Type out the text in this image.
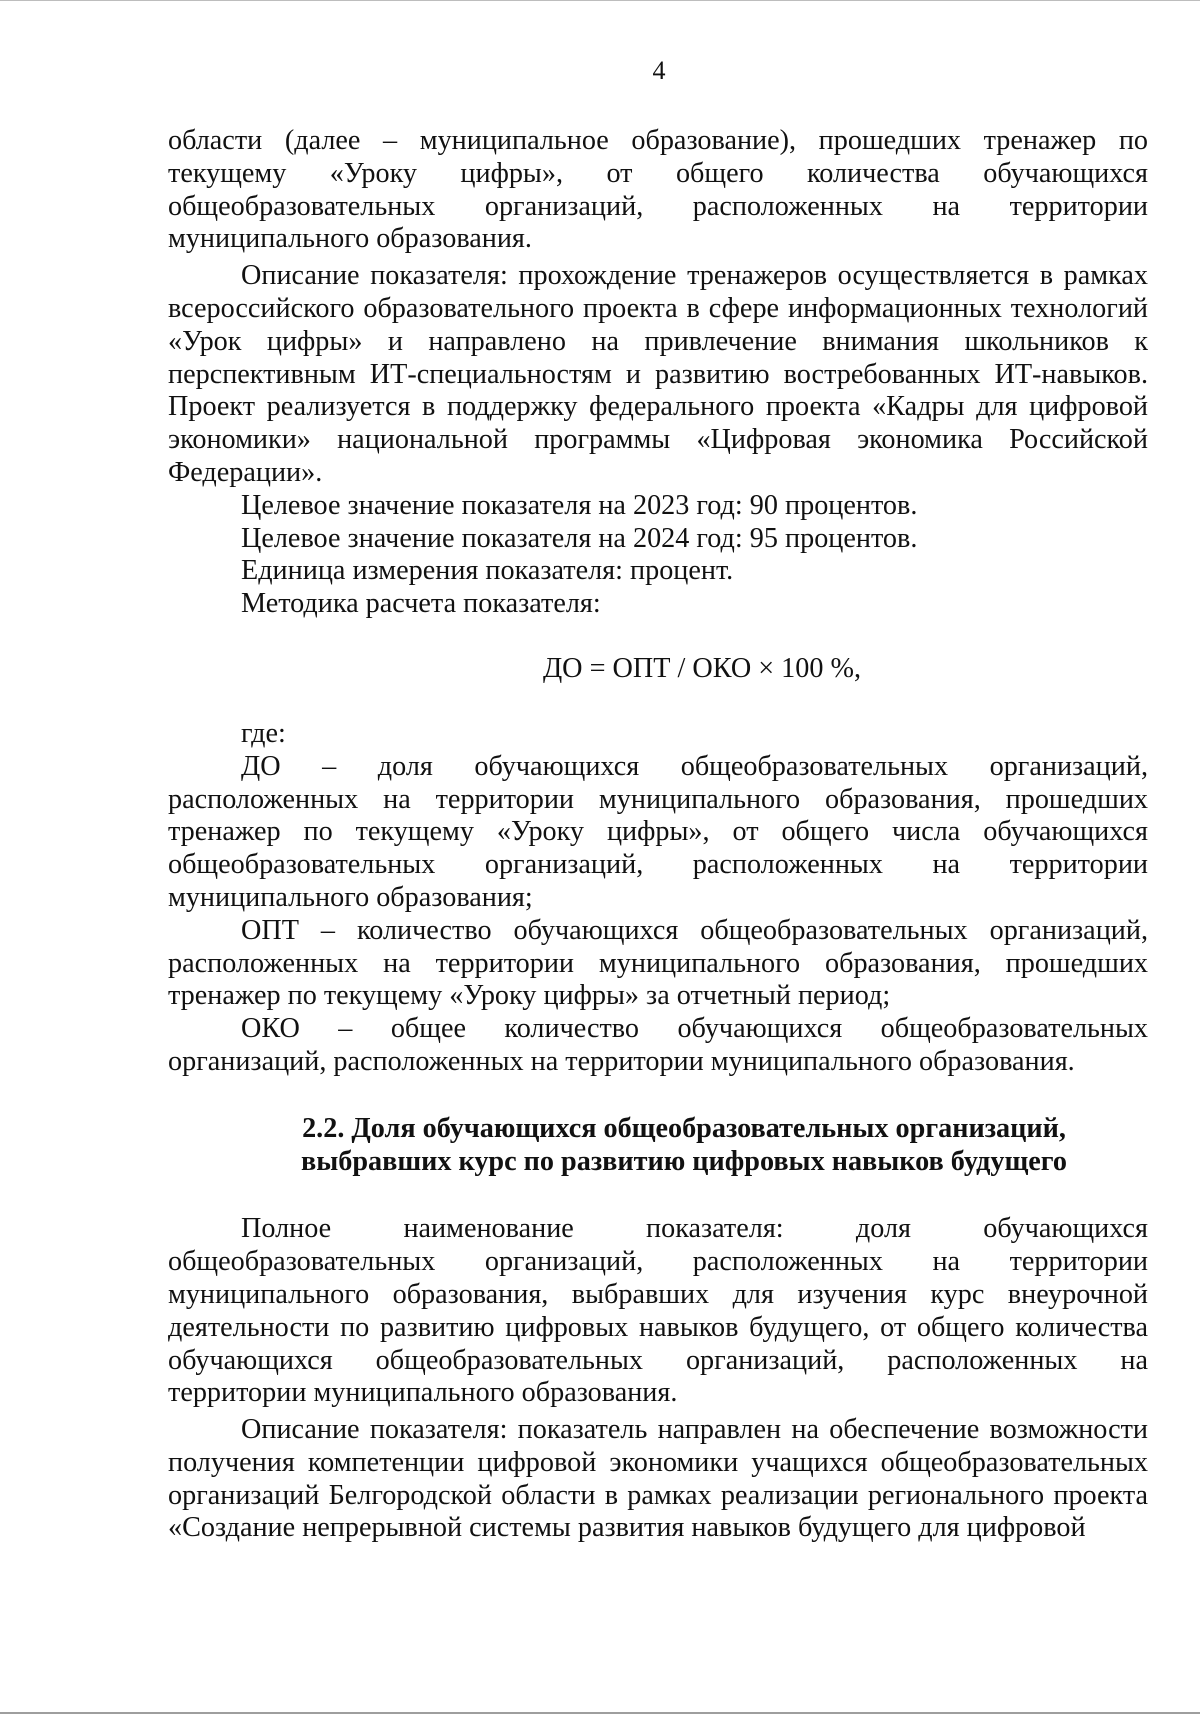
4

области (далее – муниципальное образование), прошедших тренажер по текущему «Уроку цифры», от общего количества обучающихся общеобразовательных организаций, расположенных на территории муниципального образования.

Описание показателя: прохождение тренажеров осуществляется в рамках всероссийского образовательного проекта в сфере информационных технологий «Урок цифры» и направлено на привлечение внимания школьников к перспективным ИТ-специальностям и развитию востребованных ИТ-навыков. Проект реализуется в поддержку федерального проекта «Кадры для цифровой экономики» национальной программы «Цифровая экономика Российской Федерации».

Целевое значение показателя на 2023 год: 90 процентов.

Целевое значение показателя на 2024 год: 95 процентов.

Единица измерения показателя: процент.

Методика расчета показателя:

ДО = ОПТ / ОКО × 100 %,

где:

ДО – доля обучающихся общеобразовательных организаций, расположенных на территории муниципального образования, прошедших тренажер по текущему «Уроку цифры», от общего числа обучающихся общеобразовательных организаций, расположенных на территории муниципального образования;

ОПТ – количество обучающихся общеобразовательных организаций, расположенных на территории муниципального образования, прошедших тренажер по текущему «Уроку цифры» за отчетный период;

ОКО – общее количество обучающихся общеобразовательных организаций, расположенных на территории муниципального образования.

2.2. Доля обучающихся общеобразовательных организаций,
выбравших курс по развитию цифровых навыков будущего

Полное наименование показателя: доля обучающихся общеобразовательных организаций, расположенных на территории муниципального образования, выбравших для изучения курс внеурочной деятельности по развитию цифровых навыков будущего, от общего количества обучающихся общеобразовательных организаций, расположенных на территории муниципального образования.

Описание показателя: показатель направлен на обеспечение возможности получения компетенции цифровой экономики учащихся общеобразовательных организаций Белгородской области в рамках реализации регионального проекта «Создание непрерывной системы развития навыков будущего для цифровой
